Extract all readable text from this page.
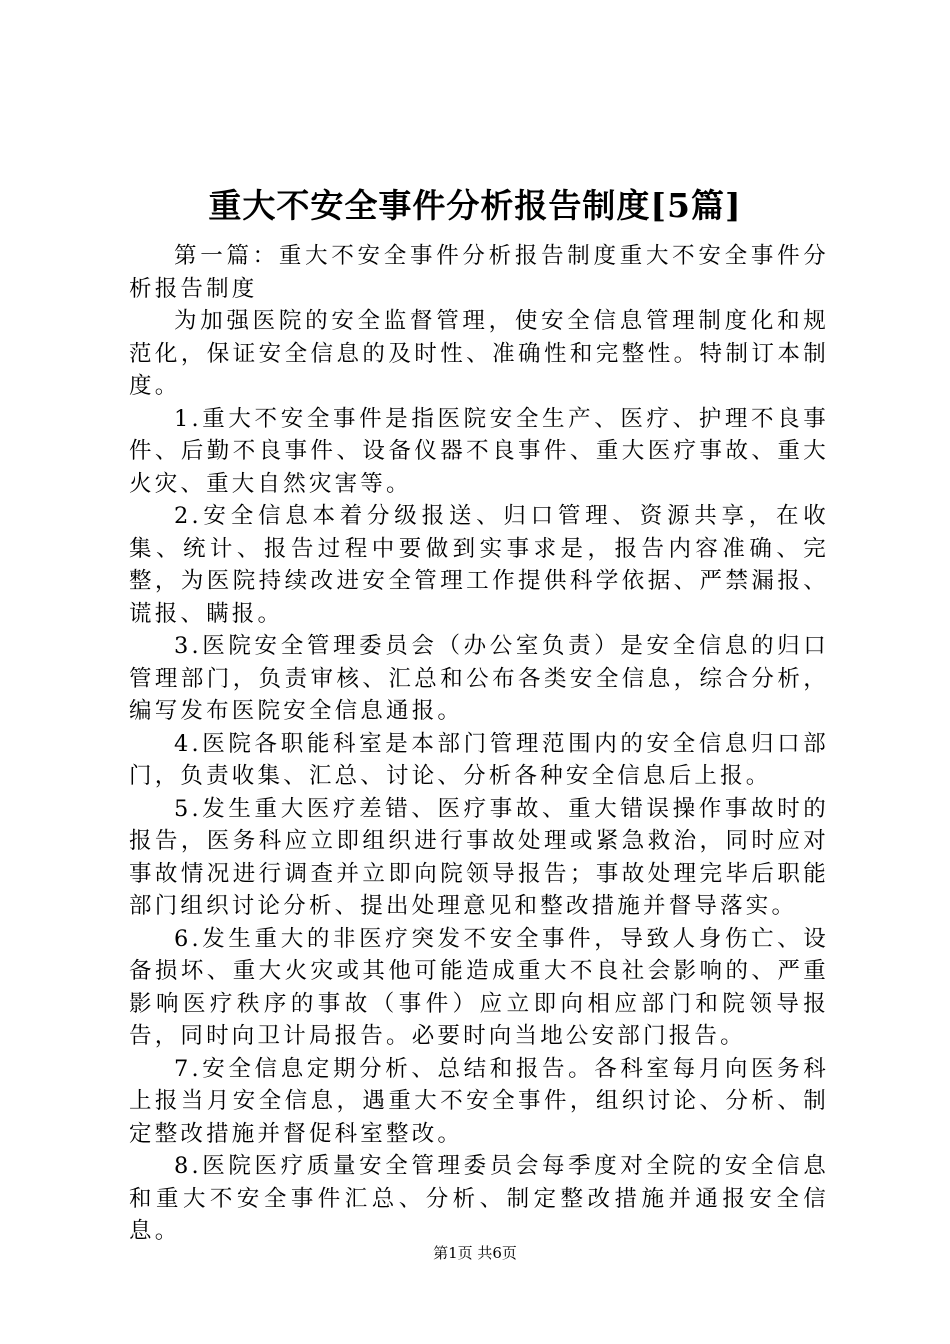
重大不安全事件分析报告制度[5篇]

第一篇：重大不安全事件分析报告制度重大不安全事件分析报告制度

为加强医院的安全监督管理，使安全信息管理制度化和规范化，保证安全信息的及时性、准确性和完整性。特制订本制度。

1.重大不安全事件是指医院安全生产、医疗、护理不良事件、后勤不良事件、设备仪器不良事件、重大医疗事故、重大火灾、重大自然灾害等。

2.安全信息本着分级报送、归口管理、资源共享，在收集、统计、报告过程中要做到实事求是，报告内容准确、完整，为医院持续改进安全管理工作提供科学依据、严禁漏报、谎报、瞒报。

3.医院安全管理委员会（办公室负责）是安全信息的归口管理部门，负责审核、汇总和公布各类安全信息，综合分析，编写发布医院安全信息通报。

4.医院各职能科室是本部门管理范围内的安全信息归口部门，负责收集、汇总、讨论、分析各种安全信息后上报。

5.发生重大医疗差错、医疗事故、重大错误操作事故时的报告，医务科应立即组织进行事故处理或紧急救治，同时应对事故情况进行调查并立即向院领导报告；事故处理完毕后职能部门组织讨论分析、提出处理意见和整改措施并督导落实。

6.发生重大的非医疗突发不安全事件，导致人身伤亡、设备损坏、重大火灾或其他可能造成重大不良社会影响的、严重影响医疗秩序的事故（事件）应立即向相应部门和院领导报告，同时向卫计局报告。必要时向当地公安部门报告。

7.安全信息定期分析、总结和报告。各科室每月向医务科上报当月安全信息，遇重大不安全事件，组织讨论、分析、制定整改措施并督促科室整改。

8.医院医疗质量安全管理委员会每季度对全院的安全信息和重大不安全事件汇总、分析、制定整改措施并通报安全信息。

第1页 共6页
